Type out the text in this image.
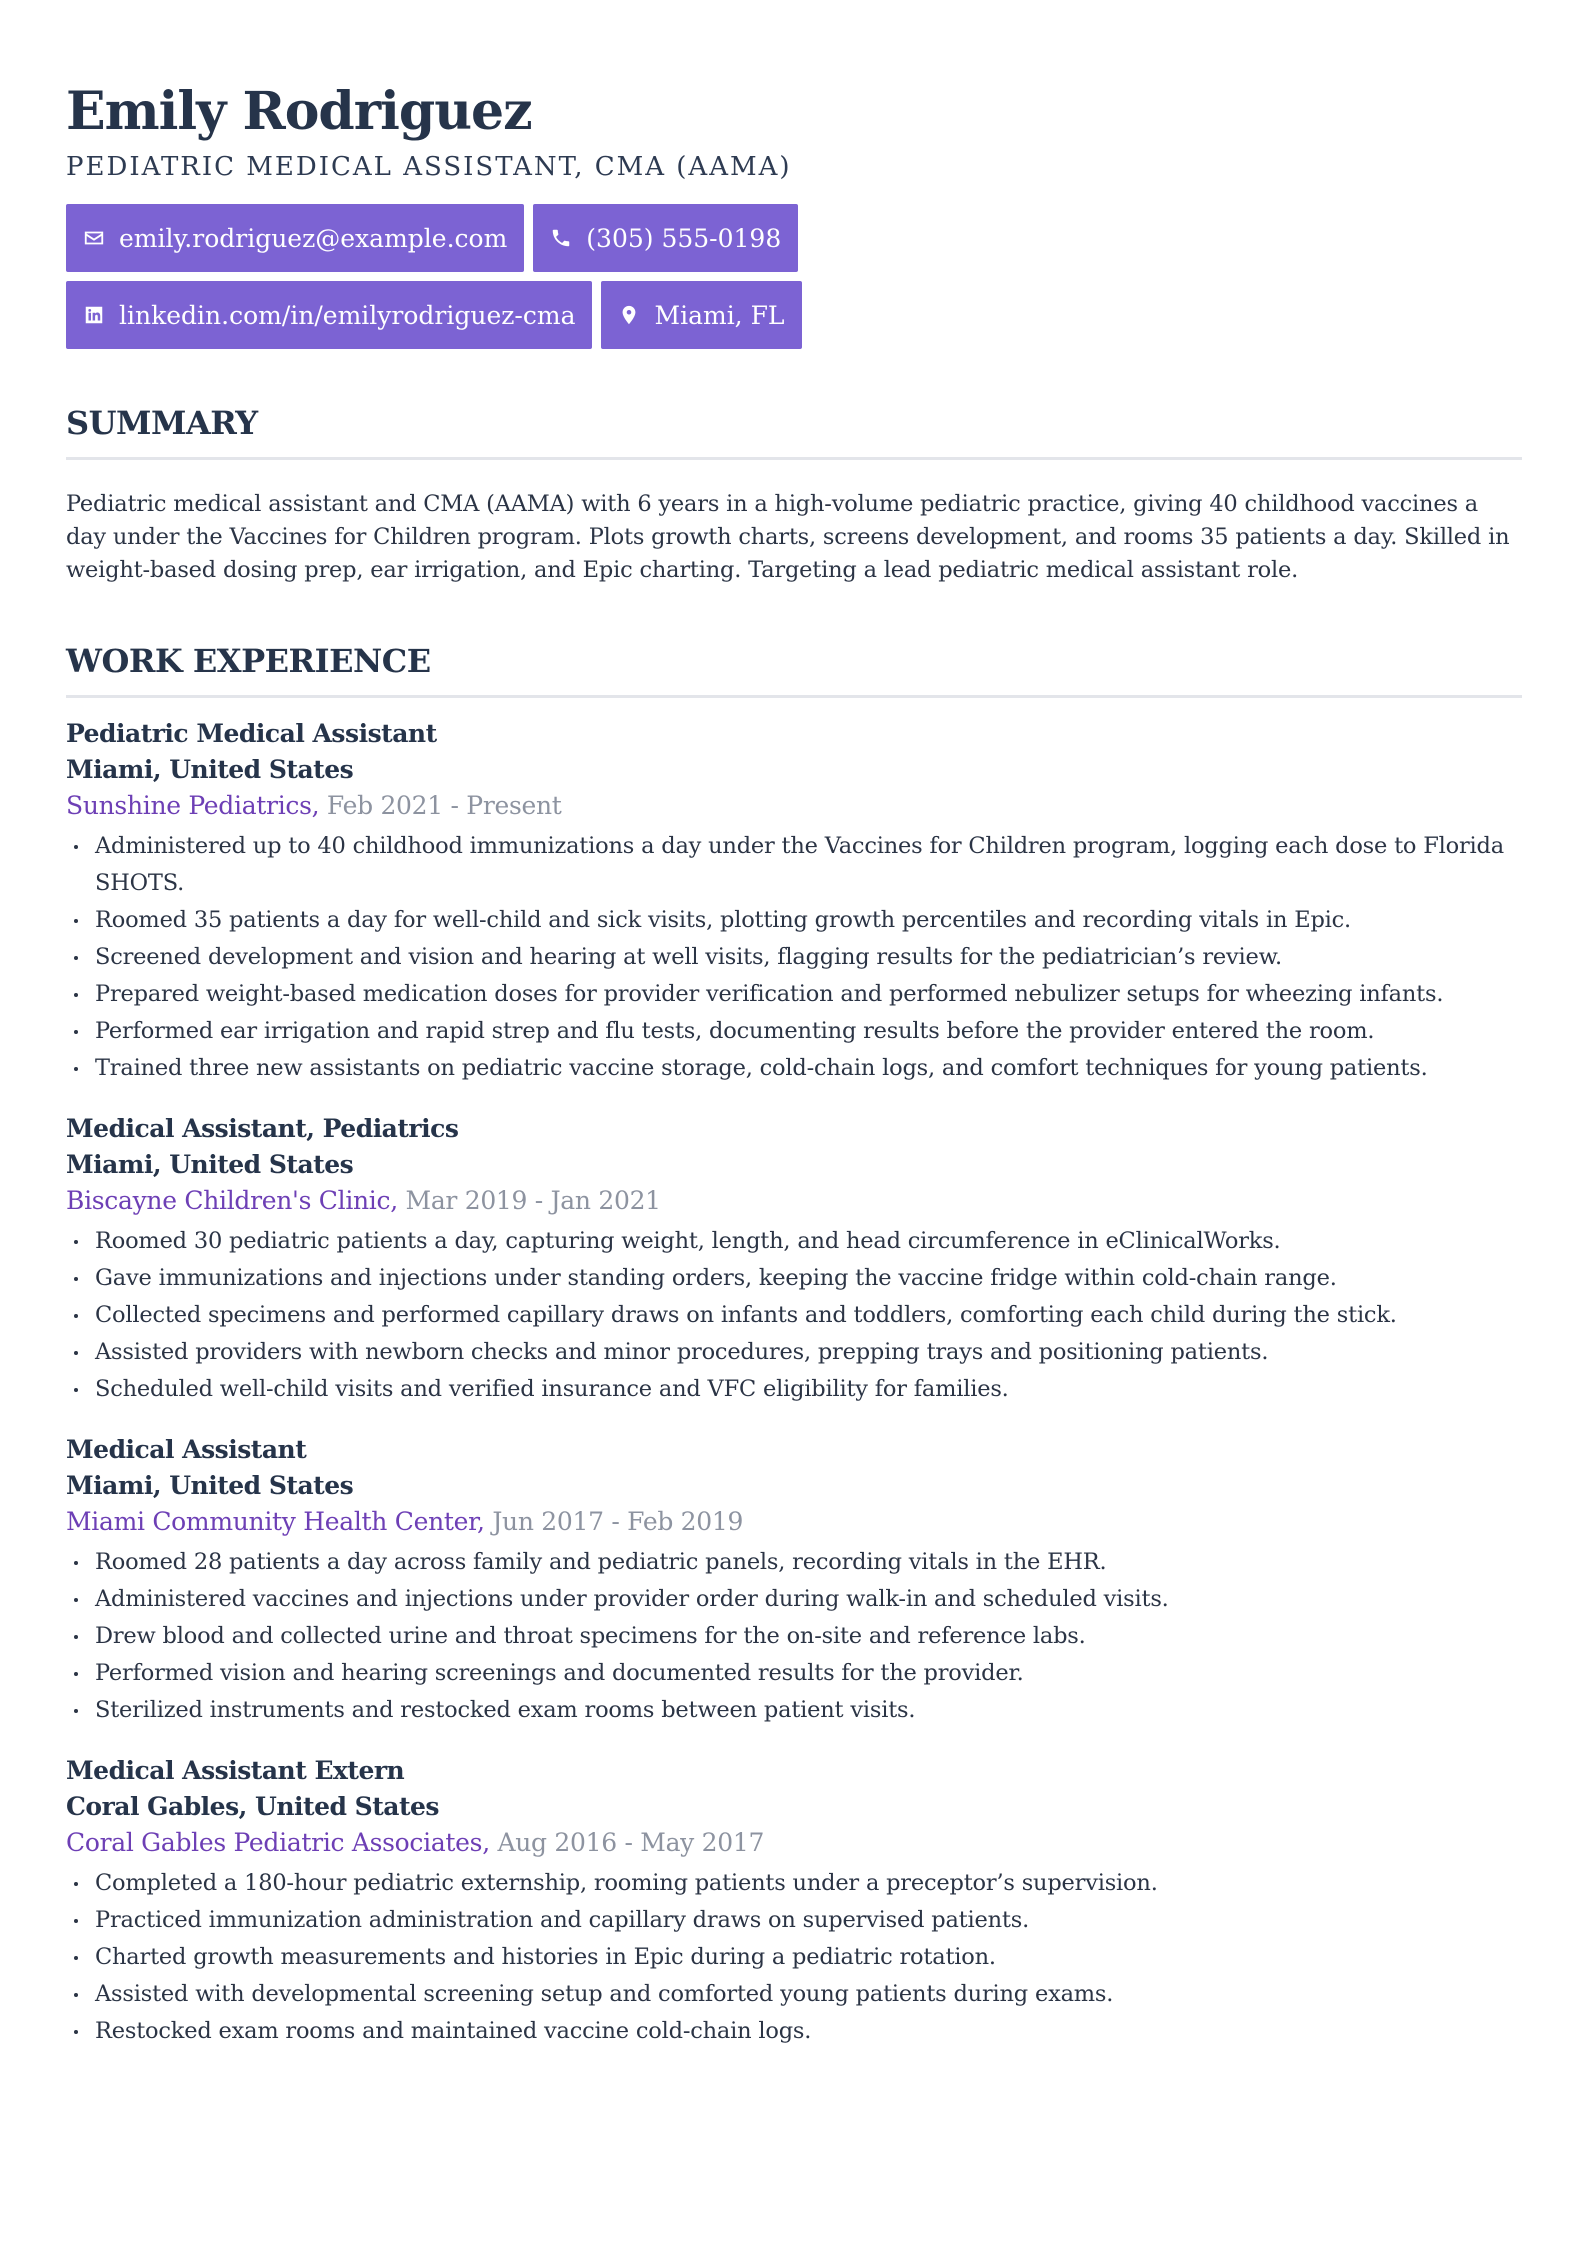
Emily Rodriguez
PEDIATRIC MEDICAL ASSISTANT, CMA (AAMA)
emily.rodriguez@example.com	(305) 555-0198
linkedin.com/in/emilyrodriguez-cma	Miami, FL
SUMMARY
Pediatric medical assistant and CMA (AAMA) with 6 years in a high-volume pediatric practice, giving 40 childhood vaccines a day under the Vaccines for Children program. Plots growth charts, screens development, and rooms 35 patients a day. Skilled in weight-based dosing prep, ear irrigation, and Epic charting. Targeting a lead pediatric medical assistant role.
WORK EXPERIENCE
Pediatric Medical Assistant
Miami, United States
Sunshine Pediatrics, Feb 2021 - Present
Administered up to 40 childhood immunizations a day under the Vaccines for Children program, logging each dose to Florida SHOTS.
Roomed 35 patients a day for well-child and sick visits, plotting growth percentiles and recording vitals in Epic.
Screened development and vision and hearing at well visits, flagging results for the pediatrician’s review.
Prepared weight-based medication doses for provider verification and performed nebulizer setups for wheezing infants.
Performed ear irrigation and rapid strep and flu tests, documenting results before the provider entered the room.
Trained three new assistants on pediatric vaccine storage, cold-chain logs, and comfort techniques for young patients.
Medical Assistant, Pediatrics
Miami, United States
Biscayne Children's Clinic, Mar 2019 - Jan 2021
Roomed 30 pediatric patients a day, capturing weight, length, and head circumference in eClinicalWorks.
Gave immunizations and injections under standing orders, keeping the vaccine fridge within cold-chain range.
Collected specimens and performed capillary draws on infants and toddlers, comforting each child during the stick.
Assisted providers with newborn checks and minor procedures, prepping trays and positioning patients.
Scheduled well-child visits and verified insurance and VFC eligibility for families.
Medical Assistant
Miami, United States
Miami Community Health Center, Jun 2017 - Feb 2019
Roomed 28 patients a day across family and pediatric panels, recording vitals in the EHR.
Administered vaccines and injections under provider order during walk-in and scheduled visits.
Drew blood and collected urine and throat specimens for the on-site and reference labs.
Performed vision and hearing screenings and documented results for the provider.
Sterilized instruments and restocked exam rooms between patient visits.
Medical Assistant Extern
Coral Gables, United States
Coral Gables Pediatric Associates, Aug 2016 - May 2017
Completed a 180-hour pediatric externship, rooming patients under a preceptor’s supervision.
Practiced immunization administration and capillary draws on supervised patients.
Charted growth measurements and histories in Epic during a pediatric rotation.
Assisted with developmental screening setup and comforted young patients during exams.
Restocked exam rooms and maintained vaccine cold-chain logs.
